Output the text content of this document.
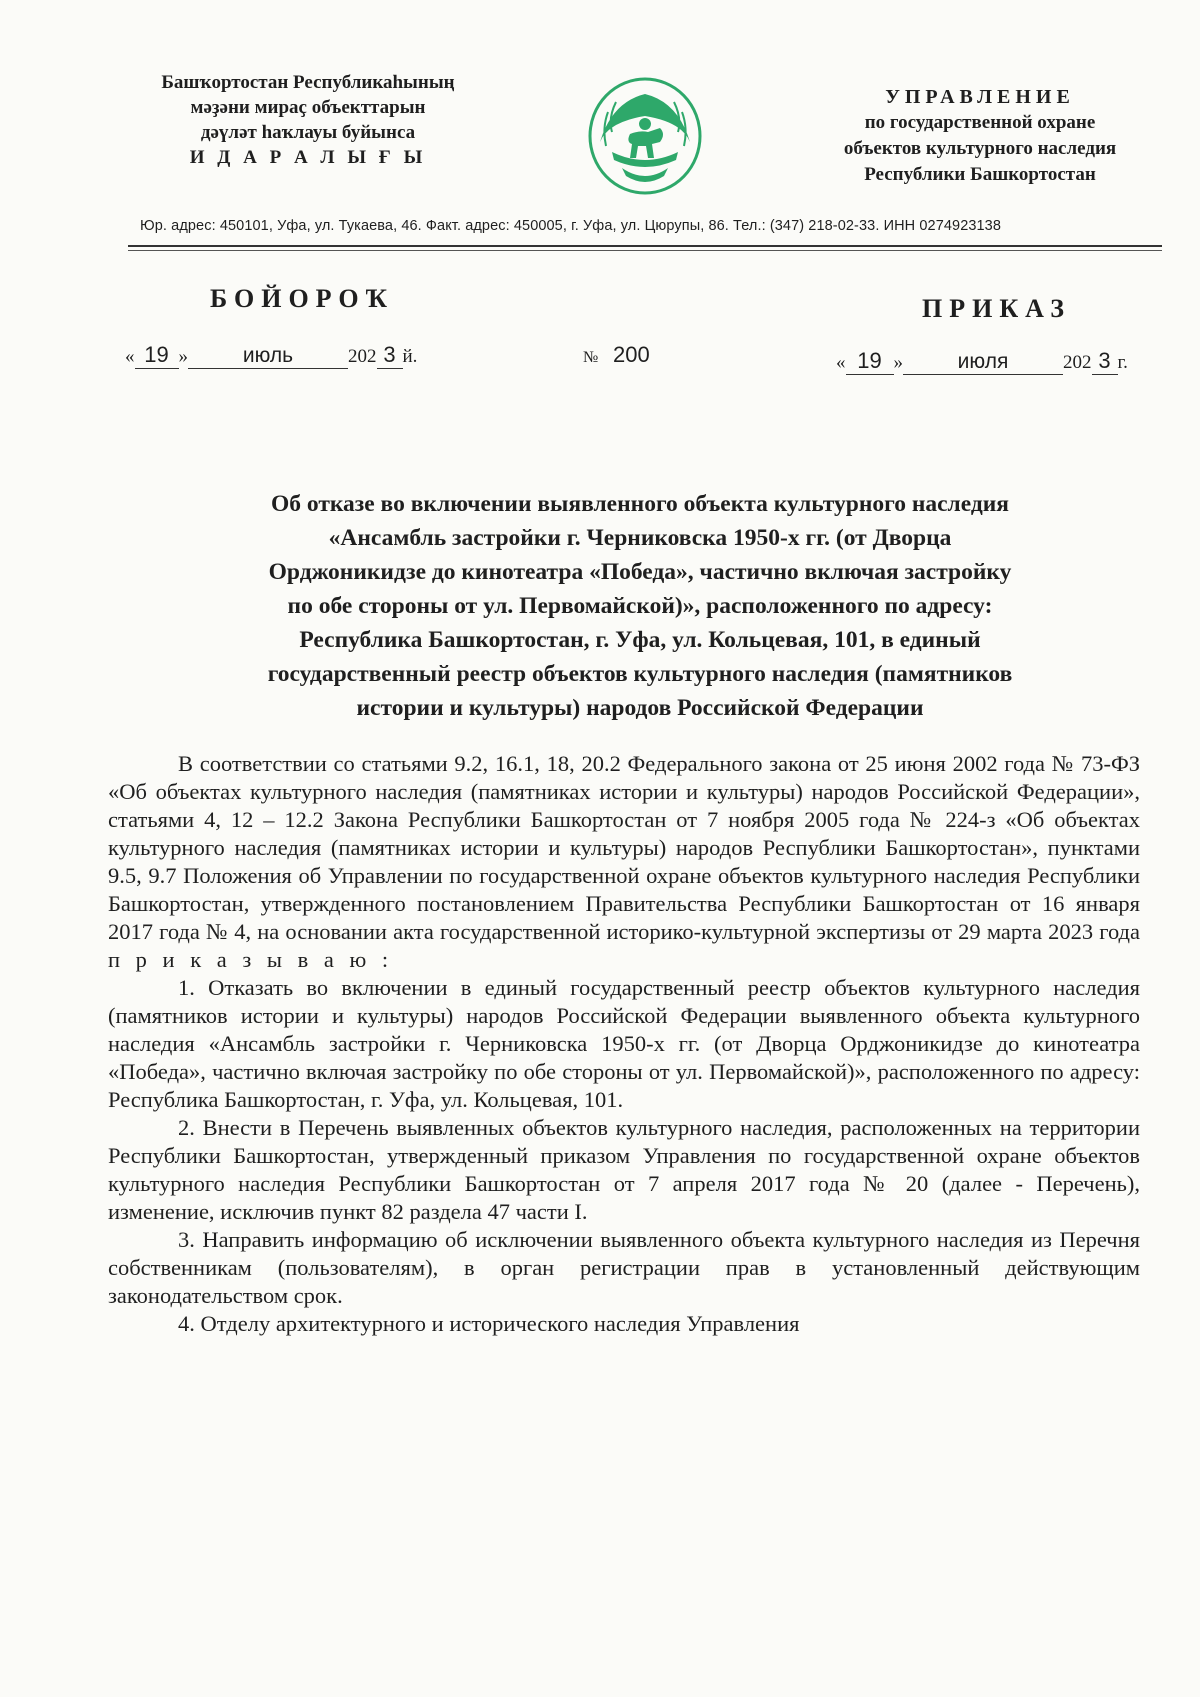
Башҡортостан Республикаһының
мәҙәни мираҫ объекттарын
дәүләт һаҡлауы буйынса
И Д А Р А Л Ы Ғ Ы
УПРАВЛЕНИЕ
по государственной охране
объектов культурного наследия
Республики Башкортостан
Юр. адрес: 450101, Уфа, ул. Тукаева, 46. Факт. адрес: 450005, г. Уфа, ул. Цюрупы, 86. Тел.: (347) 218-02-33. ИНН 0274923138
БОЙОРОҠ	ПРИКАЗ
« 19 »	июль	202 3 й.	№ 200	« 19 »	июля	202 3 г.
Об отказе во включении выявленного объекта культурного наследия
«Ансамбль застройки г. Черниковска 1950-х гг. (от Дворца
Орджоникидзе до кинотеатра «Победа», частично включая застройку
по обе стороны от ул. Первомайской)», расположенного по адресу:
Республика Башкортостан, г. Уфа, ул. Кольцевая, 101, в единый
государственный реестр объектов культурного наследия (памятников
истории и культуры) народов Российской Федерации

В соответствии со статьями 9.2, 16.1, 18, 20.2 Федерального закона от 25 июня 2002 года № 73-ФЗ «Об объектах культурного наследия (памятниках истории и культуры) народов Российской Федерации», статьями 4, 12 – 12.2 Закона Республики Башкортостан от 7 ноября 2005 года № 224-з «Об объектах культурного наследия (памятниках истории и культуры) народов Республики Башкортостан», пунктами 9.5, 9.7 Положения об Управлении по государственной охране объектов культурного наследия Республики Башкортостан, утвержденного постановлением Правительства Республики Башкортостан от 16 января 2017 года № 4, на основании акта государственной историко-культурной экспертизы от 29 марта 2023 года п р и к а з ы в а ю :

1. Отказать во включении в единый государственный реестр объектов культурного наследия (памятников истории и культуры) народов Российской Федерации выявленного объекта культурного наследия «Ансамбль застройки г. Черниковска 1950-х гг. (от Дворца Орджоникидзе до кинотеатра «Победа», частично включая застройку по обе стороны от ул. Первомайской)», расположенного по адресу: Республика Башкортостан, г. Уфа, ул. Кольцевая, 101.

2. Внести в Перечень выявленных объектов культурного наследия, расположенных на территории Республики Башкортостан, утвержденный приказом Управления по государственной охране объектов культурного наследия Республики Башкортостан от 7 апреля 2017 года № 20 (далее - Перечень), изменение, исключив пункт 82 раздела 47 части I.

3. Направить информацию об исключении выявленного объекта культурного наследия из Перечня собственникам (пользователям), в орган регистрации прав в установленный действующим законодательством срок.

4. Отделу архитектурного и исторического наследия Управления
